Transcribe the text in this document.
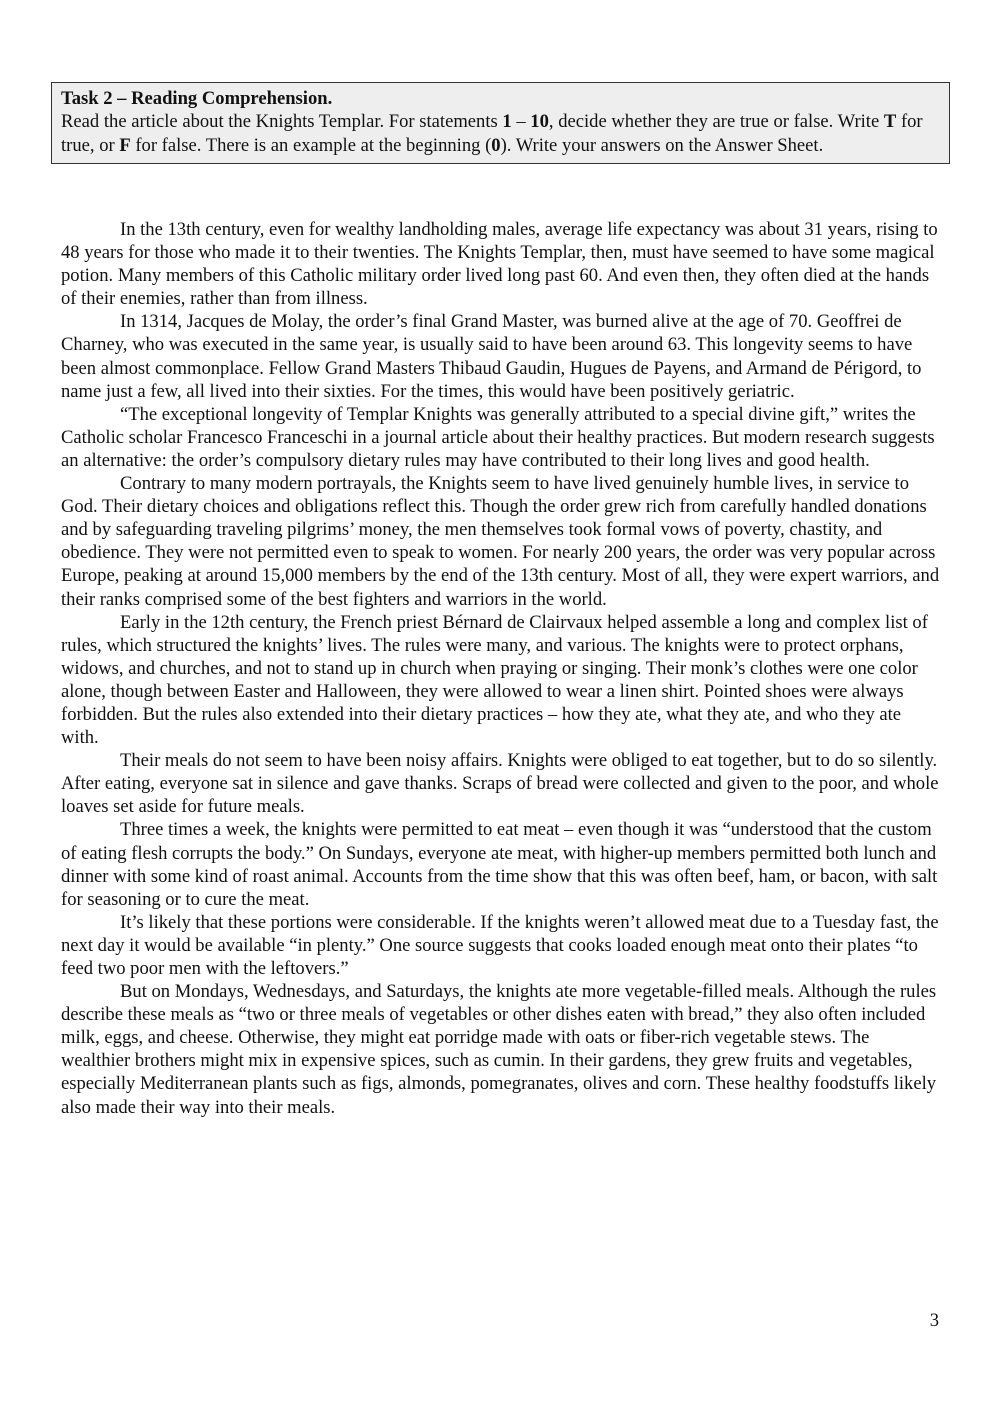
Task 2 – Reading Comprehension.
Read the article about the Knights Templar. For statements 1 – 10, decide whether they are true or false. Write T for true, or F for false. There is an example at the beginning (0). Write your answers on the Answer Sheet.

In the 13th century, even for wealthy landholding males, average life expectancy was about 31 years, rising to 48 years for those who made it to their twenties. The Knights Templar, then, must have seemed to have some magical potion. Many members of this Catholic military order lived long past 60. And even then, they often died at the hands of their enemies, rather than from illness.

In 1314, Jacques de Molay, the order’s final Grand Master, was burned alive at the age of 70. Geoffrei de Charney, who was executed in the same year, is usually said to have been around 63. This longevity seems to have been almost commonplace. Fellow Grand Masters Thibaud Gaudin, Hugues de Payens, and Armand de Périgord, to name just a few, all lived into their sixties. For the times, this would have been positively geriatric.

“The exceptional longevity of Templar Knights was generally attributed to a special divine gift,” writes the Catholic scholar Francesco Franceschi in a journal article about their healthy practices. But modern research suggests an alternative: the order’s compulsory dietary rules may have contributed to their long lives and good health.

Contrary to many modern portrayals, the Knights seem to have lived genuinely humble lives, in service to God. Their dietary choices and obligations reflect this. Though the order grew rich from carefully handled donations and by safeguarding traveling pilgrims’ money, the men themselves took formal vows of poverty, chastity, and obedience. They were not permitted even to speak to women. For nearly 200 years, the order was very popular across Europe, peaking at around 15,000 members by the end of the 13th century. Most of all, they were expert warriors, and their ranks comprised some of the best fighters and warriors in the world.

Early in the 12th century, the French priest Bérnard de Clairvaux helped assemble a long and complex list of rules, which structured the knights’ lives. The rules were many, and various. The knights were to protect orphans, widows, and churches, and not to stand up in church when praying or singing. Their monk’s clothes were one color alone, though between Easter and Halloween, they were allowed to wear a linen shirt. Pointed shoes were always forbidden. But the rules also extended into their dietary practices – how they ate, what they ate, and who they ate with.

Their meals do not seem to have been noisy affairs. Knights were obliged to eat together, but to do so silently. After eating, everyone sat in silence and gave thanks. Scraps of bread were collected and given to the poor, and whole loaves set aside for future meals.

Three times a week, the knights were permitted to eat meat – even though it was “understood that the custom of eating flesh corrupts the body.” On Sundays, everyone ate meat, with higher-up members permitted both lunch and dinner with some kind of roast animal. Accounts from the time show that this was often beef, ham, or bacon, with salt for seasoning or to cure the meat.

It’s likely that these portions were considerable. If the knights weren’t allowed meat due to a Tuesday fast, the next day it would be available “in plenty.” One source suggests that cooks loaded enough meat onto their plates “to feed two poor men with the leftovers.”

But on Mondays, Wednesdays, and Saturdays, the knights ate more vegetable-filled meals. Although the rules describe these meals as “two or three meals of vegetables or other dishes eaten with bread,” they also often included milk, eggs, and cheese. Otherwise, they might eat porridge made with oats or fiber-rich vegetable stews. The wealthier brothers might mix in expensive spices, such as cumin. In their gardens, they grew fruits and vegetables, especially Mediterranean plants such as figs, almonds, pomegranates, olives and corn. These healthy foodstuffs likely also made their way into their meals.

3
